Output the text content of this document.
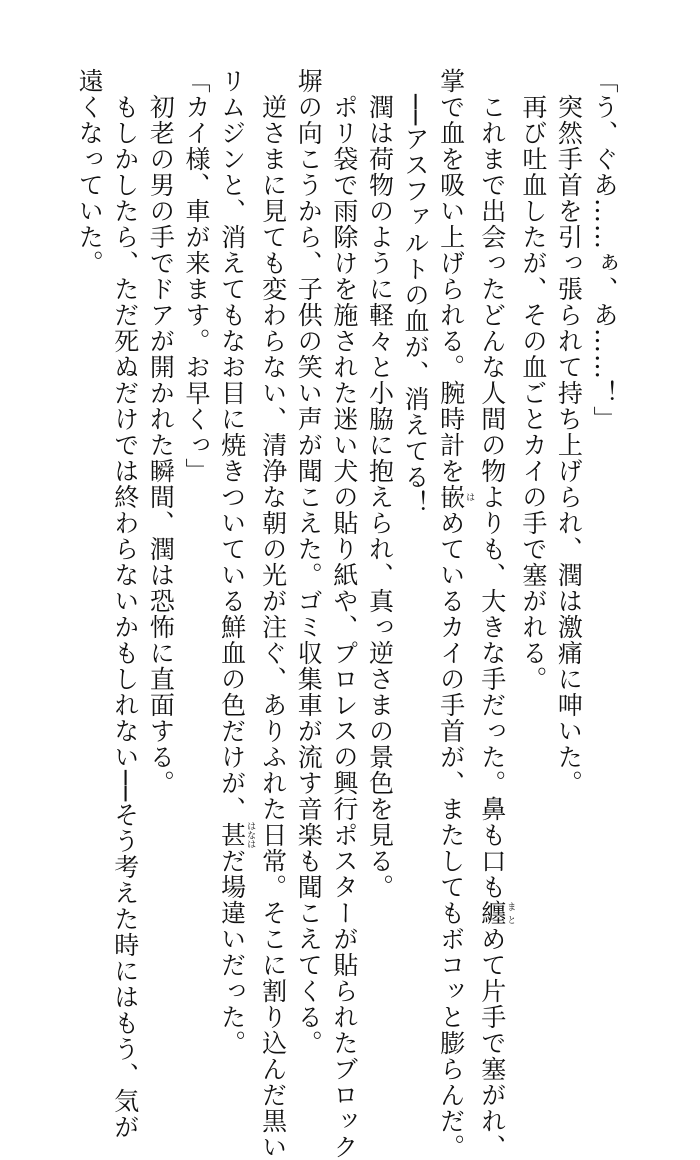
「う、ぐあ……ぁ、あ……！」

　突然手首を引っ張られて持ち上げられ、潤は激痛に呻いた。

　再び吐血したが、その血ごとカイの手で塞がれる。

　これまで出会ったどんな人間の物よりも、大きな手だった。鼻も口も纏まとめて片手で塞がれ、

掌で血を吸い上げられる。腕時計を嵌はめているカイの手首が、またしてもボコッと膨らんだ。

　──アスファルトの血が、消えてる！

　潤は荷物のように軽々と小脇に抱えられ、真っ逆さまの景色を見る。

　ポリ袋で雨除けを施された迷い犬の貼り紙や、プロレスの興行ポスターが貼られたブロック

塀の向こうから、子供の笑い声が聞こえた。ゴミ収集車が流す音楽も聞こえてくる。

　逆さまに見ても変わらない、清浄な朝の光が注ぐ、ありふれた日常。そこに割り込んだ黒い

リムジンと、消えてもなお目に焼きついている鮮血の色だけが、甚はなはだ場違いだった。

「カイ様、車が来ます。お早くっ」

　初老の男の手でドアが開かれた瞬間、潤は恐怖に直面する。

　もしかしたら、ただ死ぬだけでは終わらないかもしれない──そう考えた時にはもう、気が

遠くなっていた。
